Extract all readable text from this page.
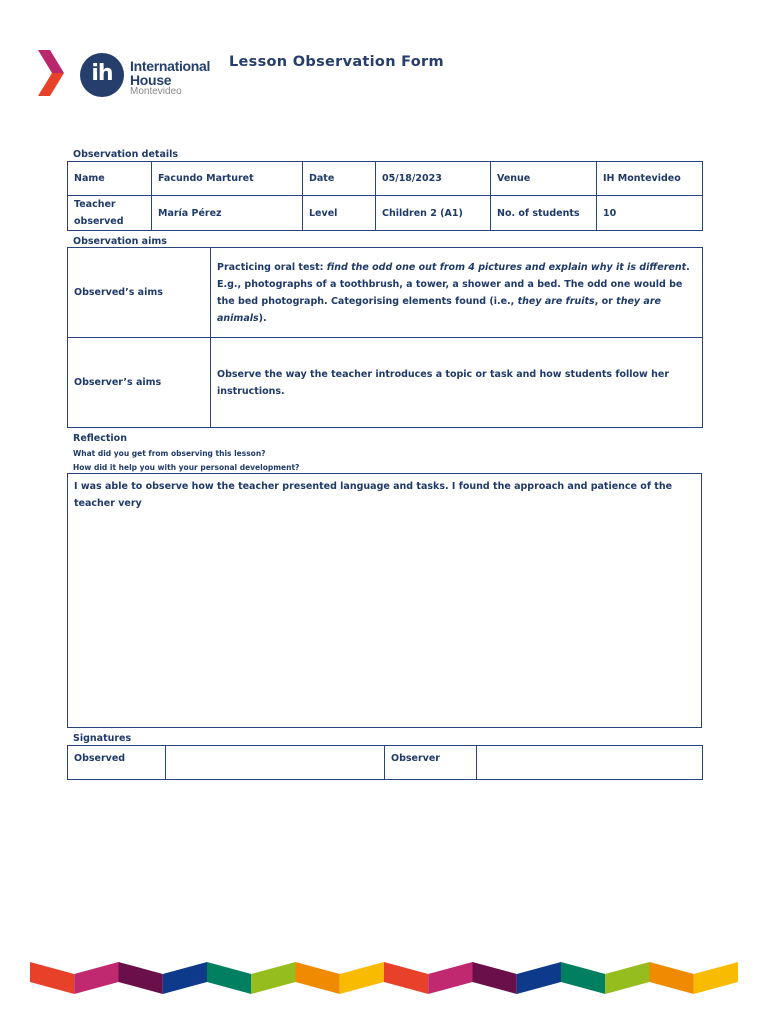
ih	International
House
Montevideo
Lesson Observation Form
Observation details
Name	Facundo Marturet	Date	05/18/2023	Venue	IH Montevideo
Teacher observed	María Pérez	Level	Children 2 (A1)	No. of students	10
Observation aims
Observed’s aims	Practicing oral test: find the odd one out from 4 pictures and explain why it is different. E.g., photographs of a toothbrush, a tower, a shower and a bed. The odd one would be the bed photograph. Categorising elements found (i.e., they are fruits, or they are animals).
Observer’s aims	Observe the way the teacher introduces a topic or task and how students follow her instructions.
Reflection
What did you get from observing this lesson?
How did it help you with your personal development?
I was able to observe how the teacher presented language and tasks. I found the approach and patience of the teacher very
Signatures
Observed		Observer	
